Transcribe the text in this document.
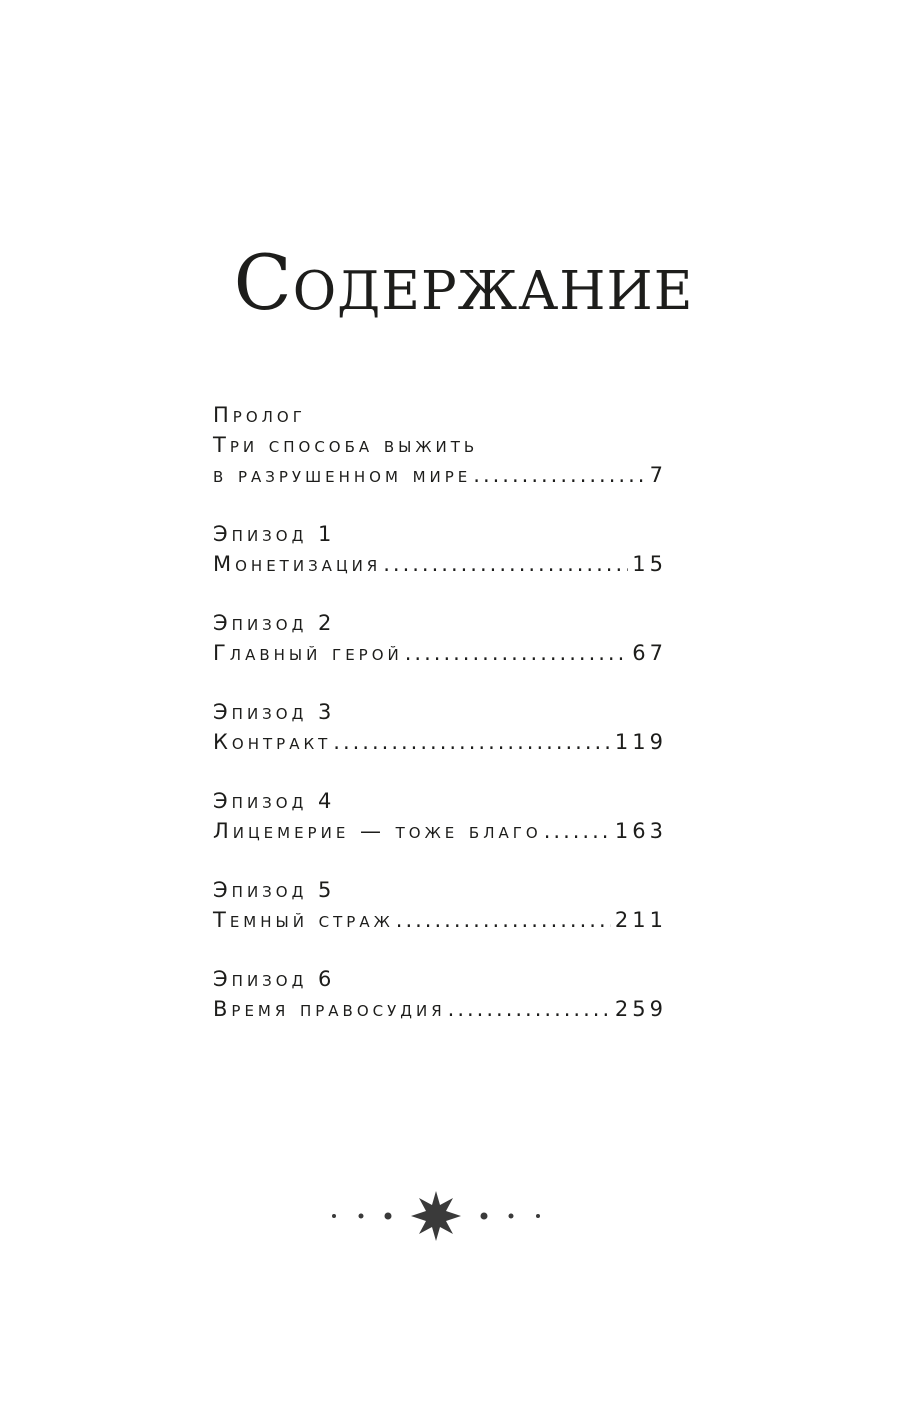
Содержание
Пролог
Три способа выжить
в разрушенном мире .....	7
Эпизод 1
Монетизация .....	15
Эпизод 2
Главный герой .....	67
Эпизод 3
Контракт .....	119
Эпизод 4
Лицемерие — тоже благо .....	163
Эпизод 5
Темный страж .....	211
Эпизод 6
Время правосудия .....	259
